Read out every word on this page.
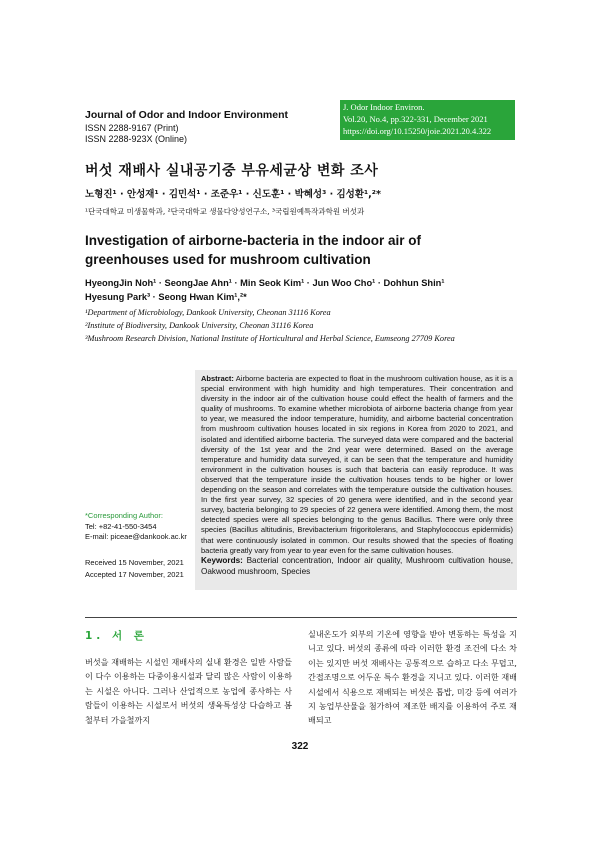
Journal of Odor and Indoor Environment
ISSN 2288-9167 (Print)
ISSN 2288-923X (Online)
J. Odor Indoor Environ.
Vol.20, No.4, pp.322-331, December 2021
https://doi.org/10.15250/joie.2021.20.4.322
버섯 재배사 실내공기중 부유세균상 변화 조사
노형진¹ · 안성재¹ · 김민석¹ · 조준우¹ · 신도훈¹ · 박혜성³ · 김성환¹,²*
¹단국대학교 미생물학과, ²단국대학교 생물다양성연구소, ³국립원예특작과학원 버섯과
Investigation of airborne-bacteria in the indoor air of greenhouses used for mushroom cultivation
HyeongJin Noh¹ · SeongJae Ahn¹ · Min Seok Kim¹ · Jun Woo Cho¹ · Dohhun Shin¹
Hyesung Park³ · Seong Hwan Kim¹,²*
¹Department of Microbiology, Dankook University, Cheonan 31116 Korea
²Institute of Biodiversity, Dankook University, Cheonan 31116 Korea
³Mushroom Research Division, National Institute of Horticultural and Herbal Science, Eumseong 27709 Korea
Abstract: Airborne bacteria are expected to float in the mushroom cultivation house, as it is a special environment with high humidity and high temperatures. Their concentration and diversity in the indoor air of the cultivation house could effect the health of farmers and the quality of mushrooms. To examine whether microbiota of airborne bacteria change from year to year, we measured the indoor temperature, humidity, and airborne bacterial concentration from mushroom cultivation houses located in six regions in Korea from 2020 to 2021, and isolated and identified airborne bacteria. The surveyed data were compared and the bacterial diversity of the 1st year and the 2nd year were determined. Based on the average temperature and humidity data surveyed, it can be seen that the temperature and humidity environment in the cultivation houses is such that bacteria can easily reproduce. It was observed that the temperature inside the cultivation houses tends to be higher or lower depending on the season and correlates with the temperature outside the cultivation houses. In the first year survey, 32 species of 20 genera were identified, and in the second year survey, bacteria belonging to 29 species of 22 genera were identified. Among them, the most detected species were all species belonging to the genus Bacillus. There were only three species (Bacillus altitudinis, Brevibacterium frigoritolerans, and Staphylococcus epidermidis) that were continuously isolated in common. Our results showed that the species of floating bacteria greatly vary from year to year even for the same cultivation houses.
Keywords: Bacterial concentration, Indoor air quality, Mushroom cultivation house, Oakwood mushroom, Species
*Corresponding Author:
Tel: +82-41-550-3454
E-mail: piceae@dankook.ac.kr
Received 15 November, 2021
Accepted 17 November, 2021
1. 서 론
버섯을 재배하는 시설인 재배사의 실내 환경은 일반 사람들이 다수 이용하는 다중이용시설과 달리 많은 사람이 이용하는 시설은 아니다. 그러나 산업적으로 농업에 종사하는 사람들이 이용하는 시설로서 버섯의 생육특성상 다습하고 봄철부터 가을철까지
실내온도가 외부의 기온에 영향을 받아 변동하는 특성을 지니고 있다. 버섯의 종류에 따라 이러한 환경 조건에 다소 차이는 있지만 버섯 재배사는 공통적으로 습하고 다소 무덥고, 간접조명으로 어두운 특수 환경을 지니고 있다. 이러한 재배시설에서 식용으로 재배되는 버섯은 톱밥, 미강 등에 여러가지 농업부산물을 첨가하여 제조한 배지를 이용하여 주로 재배되고
322
